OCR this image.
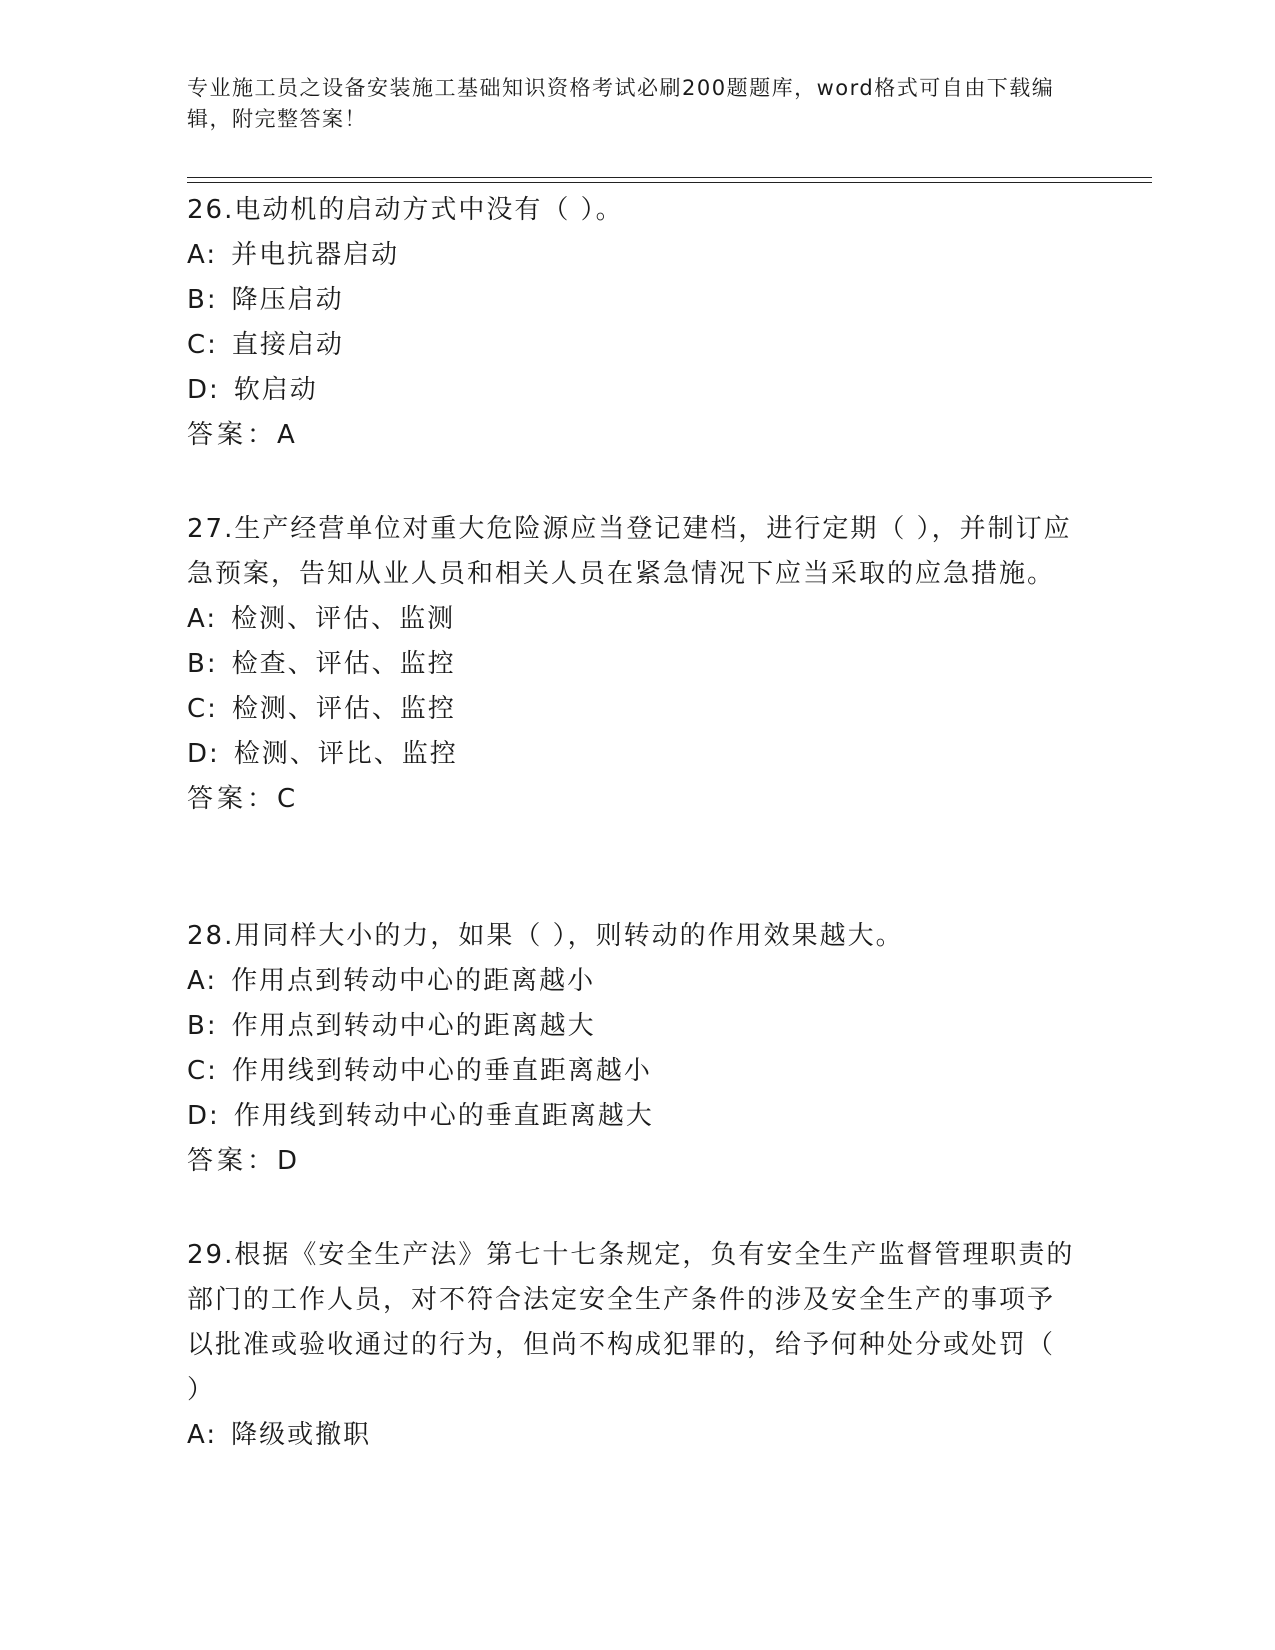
专业施工员之设备安装施工基础知识资格考试必刷200题题库，word格式可自由下载编辑，附完整答案！
26.电动机的启动方式中没有（ ）。
A: 并电抗器启动
B: 降压启动
C: 直接启动
D: 软启动
答案：A
27.生产经营单位对重大危险源应当登记建档，进行定期（ ），并制订应急预案，告知从业人员和相关人员在紧急情况下应当采取的应急措施。
A: 检测、评估、监测
B: 检查、评估、监控
C: 检测、评估、监控
D: 检测、评比、监控
答案：C
28.用同样大小的力，如果（ ），则转动的作用效果越大。
A: 作用点到转动中心的距离越小
B: 作用点到转动中心的距离越大
C: 作用线到转动中心的垂直距离越小
D: 作用线到转动中心的垂直距离越大
答案：D
29.根据《安全生产法》第七十七条规定，负有安全生产监督管理职责的部门的工作人员，对不符合法定安全生产条件的涉及安全生产的事项予以批准或验收通过的行为，但尚不构成犯罪的，给予何种处分或处罚（ ）
A: 降级或撤职
